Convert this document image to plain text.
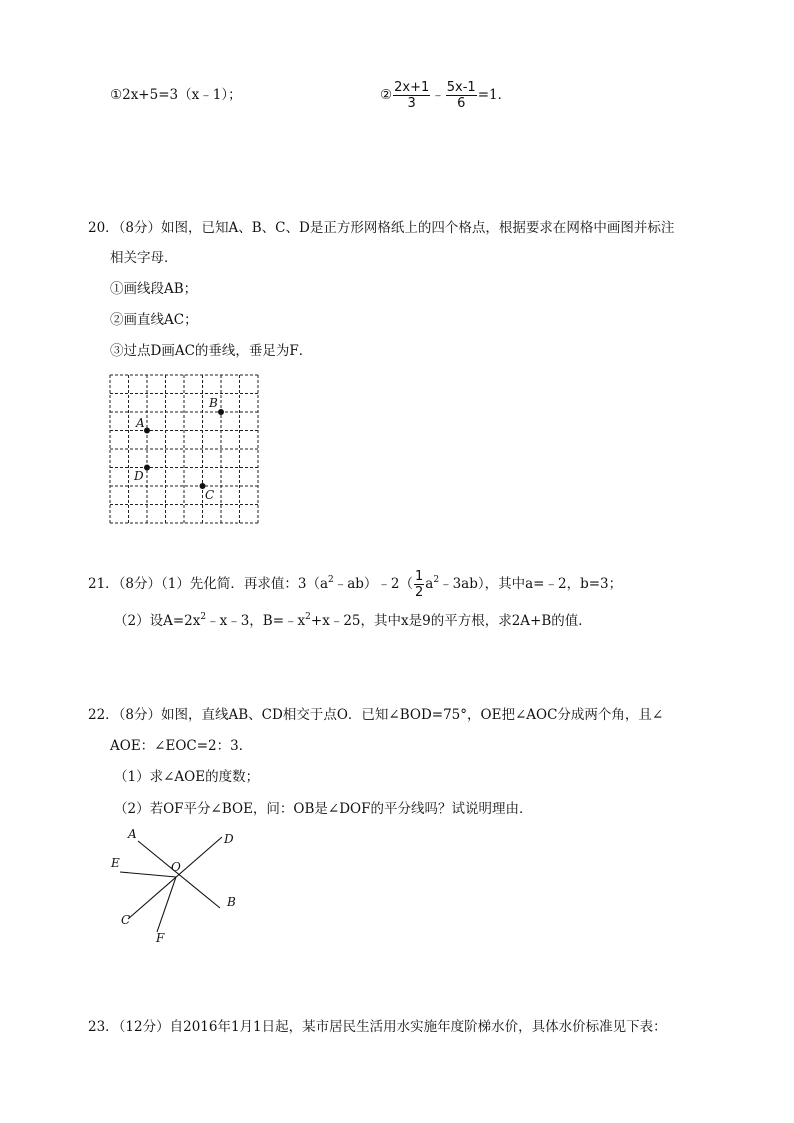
①2x+5=3（x﹣1）；	② $\frac{2x+1}{3}$ ﹣ $\frac{5x-1}{6} =1$．
20．（8分）如图，已知A、B、C、D是正方形网格纸上的四个格点，根据要求在网格中画图并标注
相关字母．
①画线段AB；
②画直线AC；
③过点D画AC的垂线，垂足为F．
B
A
D
C
21．（8分）（1）先化简．再求值：$3(a^2﹣ab)﹣2( \frac{1}{2}$ $a^2﹣3ab$），其中a=﹣2，b=3；
（2）设$A=2x^2﹣x﹣3$，$B=﹣x^2+x﹣25$，其中x是9的平方根，求2A+B的值．
22．（8分）如图，直线AB、CD相交于点O．已知∠BOD=75°，OE把∠AOC分成两个角，且∠
AOE：∠EOC=2：3．
（1）求∠AOE的度数；
（2）若OF平分∠BOE，问：OB是∠DOF的平分线吗？试说明理由．
A	D
E	O
B
C
F
23．（12分）自2016年1月1日起，某市居民生活用水实施年度阶梯水价，具体水价标准见下表：
